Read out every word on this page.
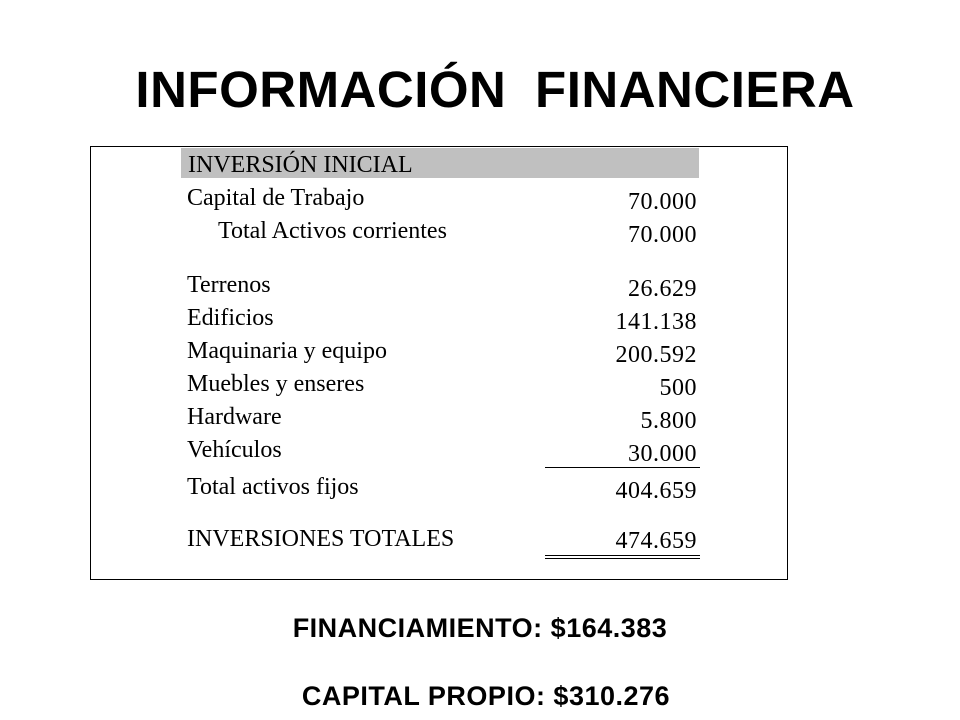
INFORMACIÓN FINANCIERA
INVERSIÓN INICIAL
Capital de Trabajo	70.000
Total Activos corrientes	70.000
Terrenos	26.629
Edificios	141.138
Maquinaria y equipo	200.592
Muebles y enseres	500
Hardware	5.800
Vehículos	30.000
Total activos fijos	404.659
INVERSIONES TOTALES	474.659
FINANCIAMIENTO: $164.383
CAPITAL PROPIO: $310.276
